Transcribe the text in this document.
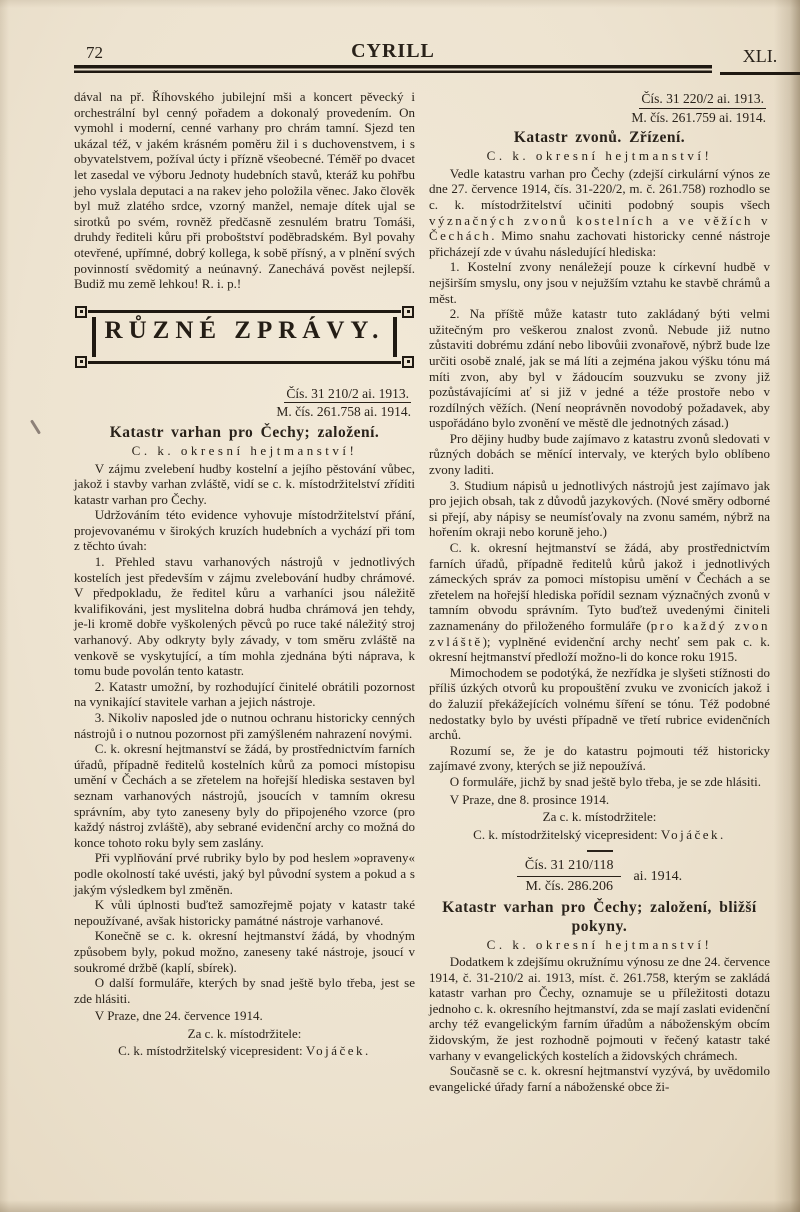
72	CYRILL	XLI.

dával na př. Říhovského jubilejní mši a koncert pěvecký i orchestrální byl cenný pořadem a dokonalý provedením. On vymohl i moderní, cenné varhany pro chrám tamní. Sjezd ten ukázal též, v jakém krásném poměru žil i s duchovenstvem, i s obyvatelstvem, požíval úcty i přízně všeobecné. Téměř po dvacet let zasedal ve výboru Jednoty hudebních stavů, kteráž ku pohřbu jeho vyslala deputaci a na rakev jeho položila věnec. Jako člověk byl muž zlatého srdce, vzorný manžel, nemaje dítek ujal se sirotků po svém, rovněž předčasně zesnulém bratru Tomáši, druhdy řediteli kůru při proboštství poděbradském. Byl povahy otevřené, upřímné, dobrý kollega, k sobě přísný, a v plnění svých povinností svědomitý a neúnavný. Zanechává pověst nejlepší. Budiž mu země lehkou! R. i. p.!

RŮZNÉ ZPRÁVY.
Čís. 31 210/2 ai. 1913.
M. čís. 261.758 ai. 1914.
Katastr varhan pro Čechy; založení.
C. k. okresní hejtmanství!

V zájmu zvelebení hudby kostelní a jejího pěstování vůbec, jakož i stavby varhan zvláště, vidí se c. k. místodržitelství zříditi katastr varhan pro Čechy.

Udržováním této evidence vyhovuje místodržitelství přání, projevovanému v širokých kruzích hudebních a vychází při tom z těchto úvah:

1. Přehled stavu varhanových nástrojů v jednotlivých kostelích jest především v zájmu zvelebování hudby chrámové. V předpokladu, že ředitel kůru a varhaníci jsou náležitě kvalifikováni, jest myslitelna dobrá hudba chrámová jen tehdy, je-li kromě dobře vyškolených pěvců po ruce také náležitý stroj varhanový. Aby odkryty byly závady, v tom směru zvláště na venkově se vyskytující, a tím mohla zjednána býti náprava, k tomu bude povolán tento katastr.

2. Katastr umožní, by rozhodující činitelé obrátili pozornost na vynikající stavitele varhan a jejich nástroje.

3. Nikoliv naposled jde o nutnou ochranu historicky cenných nástrojů i o nutnou pozornost při zamýšleném nahrazení novými.

C. k. okresní hejtmanství se žádá, by prostřednictvím farních úřadů, případně ředitelů kostelních kůrů za pomoci místopisu umění v Čechách a se zřetelem na hořejší hlediska sestaven byl seznam varhanových nástrojů, jsoucích v tamním okresu správním, aby tyto zaneseny byly do připojeného vzorce (pro každý nástroj zvláště), aby sebrané evidenční archy co možná do konce tohoto roku byly sem zaslány.

Při vyplňování prvé rubriky bylo by pod heslem »opraveny« podle okolností také uvésti, jaký byl původní system a pokud a s jakým výsledkem byl změněn.

K vůli úplnosti buďtež samozřejmě pojaty v katastr také nepoužívané, avšak historicky památné nástroje varhanové.

Konečně se c. k. okresní hejtmanství žádá, by vhodným způsobem byly, pokud možno, zaneseny také nástroje, jsoucí v soukromé držbě (kaplí, sbírek).

O další formuláře, kterých by snad ještě bylo třeba, jest se zde hlásiti.

V Praze, dne 24. července 1914.

Za c. k. místodržitele:

C. k. místodržitelský vicepresident: Vojáček.

Čís. 31 220/2 ai. 1913.
M. čís. 261.759 ai. 1914.
Katastr zvonů. Zřízení.
C. k. okresní hejtmanství!

Vedle katastru varhan pro Čechy (zdejší cirkulární výnos ze dne 27. července 1914, čís. 31-220/2, m. č. 261.758) rozhodlo se c. k. místodržitelství učiniti podobný soupis všech význačných zvonů kostelních a ve věžích v Čechách. Mimo snahu zachovati historicky cenné nástroje přicházejí zde v úvahu následující hlediska:

1. Kostelní zvony nenáležejí pouze k církevní hudbě v nejširším smyslu, ony jsou v nejužším vztahu ke stavbě chrámů a měst.

2. Na příště může katastr tuto zakládaný býti velmi užitečným pro veškerou znalost zvonů. Nebude již nutno zůstaviti dobrému zdání nebo libovůii zvonařově, nýbrž bude lze určiti osobě znalé, jak se má líti a zejména jakou výšku tónu má míti zvon, aby byl v žádoucím souzvuku se zvony již pozůstávajícími ať si již v jedné a téže prostoře nebo v rozdílných věžích. (Není neoprávněn novodobý požadavek, aby uspořádáno bylo zvonění ve městě dle jednotných zásad.)

Pro dějiny hudby bude zajímavo z katastru zvonů sledovati v různých dobách se měnící intervaly, ve kterých bylo oblíbeno zvony laditi.

3. Studium nápisů u jednotlivých nástrojů jest zajímavo jak pro jejich obsah, tak z důvodů jazykových. (Nové směry odborné si přejí, aby nápisy se neumísťovaly na zvonu samém, nýbrž na hořením okraji nebo koruně jeho.)

C. k. okresní hejtmanství se žádá, aby prostřednictvím farních úřadů, případně ředitelů kůrů jakož i jednotlivých zámeckých správ za pomoci místopisu umění v Čechách a se zřetelem na hořejší hlediska pořídil seznam význačných zvonů v tamním obvodu správním. Tyto buďtež uvedenými činiteli zaznamenány do přiloženého formuláře (pro každý zvon zvláště); vyplněné evidenční archy nechť sem pak c. k. okresní hejtmanství předloží možno-li do konce roku 1915.

Mimochodem se podotýká, že nezřídka je slyšeti stížnosti do příliš úzkých otvorů ku propouštění zvuku ve zvonicích jakož i do žaluzií překážejících volnému šíření se tónu. Též podobné nedostatky bylo by uvésti případně ve třetí rubrice evidenčních archů.

Rozumí se, že je do katastru pojmouti též historicky zajímavé zvony, kterých se již nepoužívá.

O formuláře, jichž by snad ještě bylo třeba, je se zde hlásiti.

V Praze, dne 8. prosince 1914.

Za c. k. místodržitele:

C. k. místodržitelský vicepresident: Vojáček.

$\frac{\text{Čís. 31 210/118}}{\text{M. čís. 286.206}}$ ai. 1914.
Katastr varhan pro Čechy; založení, bližší pokyny.
C. k. okresní hejtmanství!

Dodatkem k zdejšímu okružnímu výnosu ze dne 24. července 1914, č. 31-210/2 ai. 1913, míst. č. 261.758, kterým se zakládá katastr varhan pro Čechy, oznamuje se u příležitosti dotazu jednoho c. k. okresního hejtmanství, zda se mají zaslati evidenční archy též evangelickým farním úřadům a náboženským obcím židovským, že jest rozhodně pojmouti v řečený katastr také varhany v evangelických kostelích a židovských chrámech.

Současně se c. k. okresní hejtmanství vyzývá, by uvědomilo evangelické úřady farní a náboženské obce ži-
